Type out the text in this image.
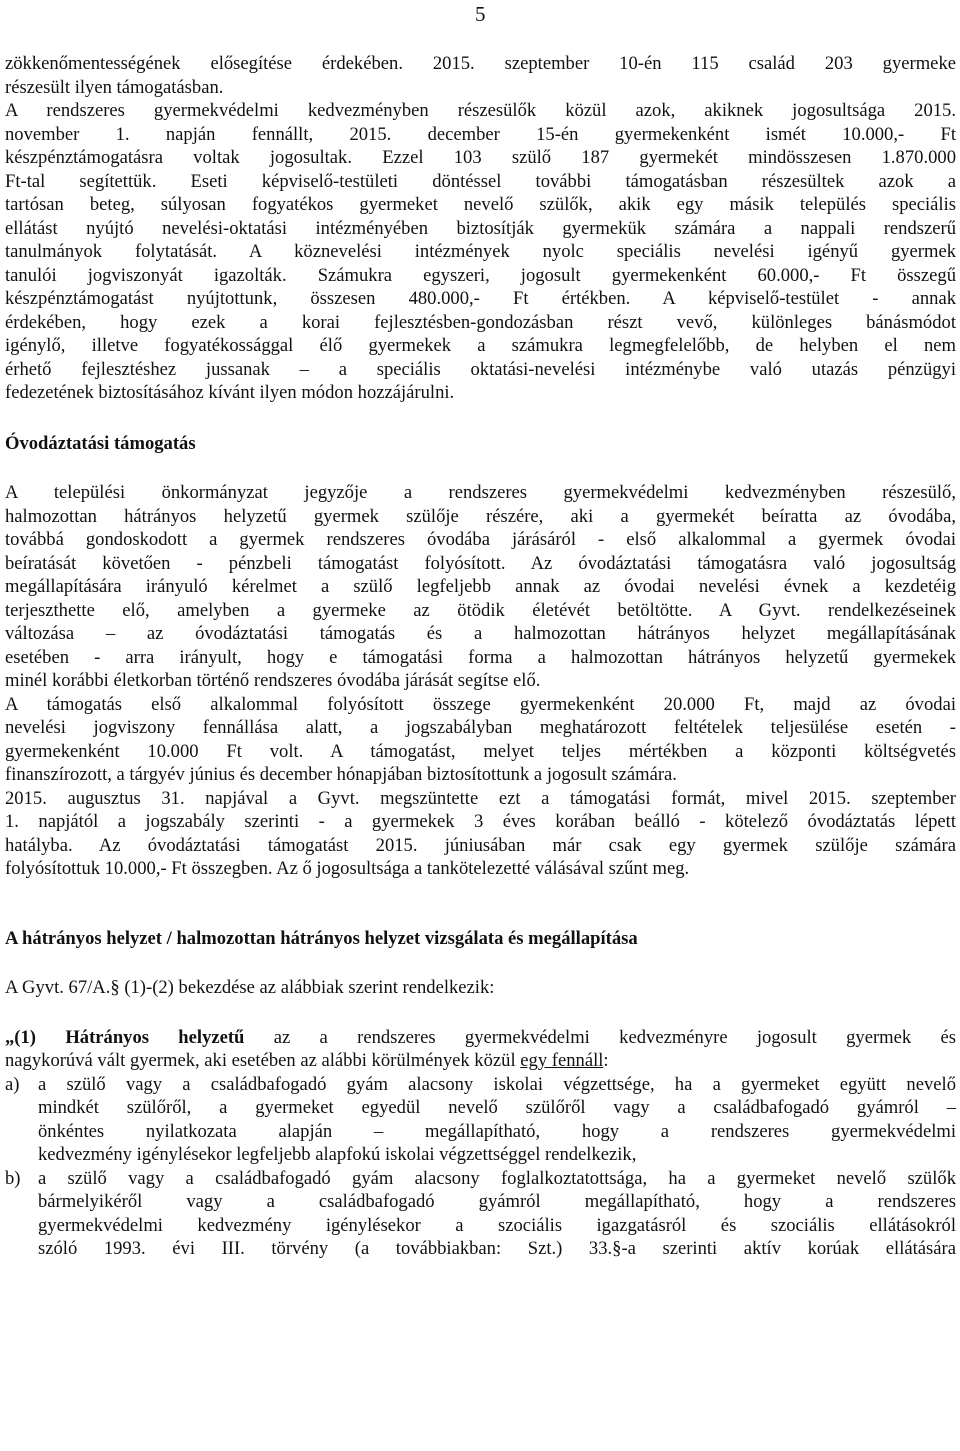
5

zökkenőmentességének elősegítése érdekében. 2015. szeptember 10-én 115 család 203 gyermeke

részesült ilyen támogatásban.

A rendszeres gyermekvédelmi kedvezményben részesülők közül azok, akiknek jogosultsága 2015.

november 1. napján fennállt, 2015. december 15-én gyermekenként ismét 10.000,- Ft

készpénztámogatásra voltak jogosultak. Ezzel 103 szülő 187 gyermekét mindösszesen 1.870.000

Ft-tal segítettük. Eseti képviselő-testületi döntéssel további támogatásban részesültek azok a

tartósan beteg, súlyosan fogyatékos gyermeket nevelő szülők, akik egy másik település speciális

ellátást nyújtó nevelési-oktatási intézményében biztosítják gyermekük számára a nappali rendszerű

tanulmányok folytatását. A köznevelési intézmények nyolc speciális nevelési igényű gyermek

tanulói jogviszonyát igazolták. Számukra egyszeri, jogosult gyermekenként 60.000,- Ft összegű

készpénztámogatást nyújtottunk, összesen 480.000,- Ft értékben. A képviselő-testület - annak

érdekében, hogy ezek a korai fejlesztésben-gondozásban részt vevő, különleges bánásmódot

igénylő, illetve fogyatékossággal élő gyermekek a számukra legmegfelelőbb, de helyben el nem

érhető fejlesztéshez jussanak – a speciális oktatási-nevelési intézménybe való utazás pénzügyi

fedezetének biztosításához kívánt ilyen módon hozzájárulni.

Óvodáztatási támogatás

A települési önkormányzat jegyzője a rendszeres gyermekvédelmi kedvezményben részesülő,

halmozottan hátrányos helyzetű gyermek szülője részére, aki a gyermekét beíratta az óvodába,

továbbá gondoskodott a gyermek rendszeres óvodába járásáról - első alkalommal a gyermek óvodai

beíratását követően - pénzbeli támogatást folyósított. Az óvodáztatási támogatásra való jogosultság

megállapítására irányuló kérelmet a szülő legfeljebb annak az óvodai nevelési évnek a kezdetéig

terjeszthette elő, amelyben a gyermeke az ötödik életévét betöltötte. A Gyvt. rendelkezéseinek

változása – az óvodáztatási támogatás és a halmozottan hátrányos helyzet megállapításának

esetében - arra irányult, hogy e támogatási forma a halmozottan hátrányos helyzetű gyermekek

minél korábbi életkorban történő rendszeres óvodába járását segítse elő.

A támogatás első alkalommal folyósított összege gyermekenként 20.000 Ft, majd az óvodai

nevelési jogviszony fennállása alatt, a jogszabályban meghatározott feltételek teljesülése esetén -

gyermekenként 10.000 Ft volt. A támogatást, melyet teljes mértékben a központi költségvetés

finanszírozott, a tárgyév június és december hónapjában biztosítottunk a jogosult számára.

2015. augusztus 31. napjával a Gyvt. megszüntette ezt a támogatási formát, mivel 2015. szeptember

1. napjától a jogszabály szerinti - a gyermekek 3 éves korában beálló - kötelező óvodáztatás lépett

hatályba. Az óvodáztatási támogatást 2015. júniusában már csak egy gyermek szülője számára

folyósítottuk 10.000,- Ft összegben. Az ő jogosultsága a tankötelezetté válásával szűnt meg.

A hátrányos helyzet / halmozottan hátrányos helyzet vizsgálata és megállapítása

A Gyvt. 67/A.§ (1)-(2) bekezdése az alábbiak szerint rendelkezik:

„(1) Hátrányos helyzetű az a rendszeres gyermekvédelmi kedvezményre jogosult gyermek és

nagykorúvá vált gyermek, aki esetében az alábbi körülmények közül egy fennáll:

a) a szülő vagy a családbafogadó gyám alacsony iskolai végzettsége, ha a gyermeket együtt nevelő

mindkét szülőről, a gyermeket egyedül nevelő szülőről vagy a családbafogadó gyámról –

önkéntes nyilatkozata alapján – megállapítható, hogy a rendszeres gyermekvédelmi

kedvezmény igénylésekor legfeljebb alapfokú iskolai végzettséggel rendelkezik,

b) a szülő vagy a családbafogadó gyám alacsony foglalkoztatottsága, ha a gyermeket nevelő szülők

bármelyikéről vagy a családbafogadó gyámról megállapítható, hogy a rendszeres

gyermekvédelmi kedvezmény igénylésekor a szociális igazgatásról és szociális ellátásokról

szóló 1993. évi III. törvény (a továbbiakban: Szt.) 33.§-a szerinti aktív korúak ellátására
